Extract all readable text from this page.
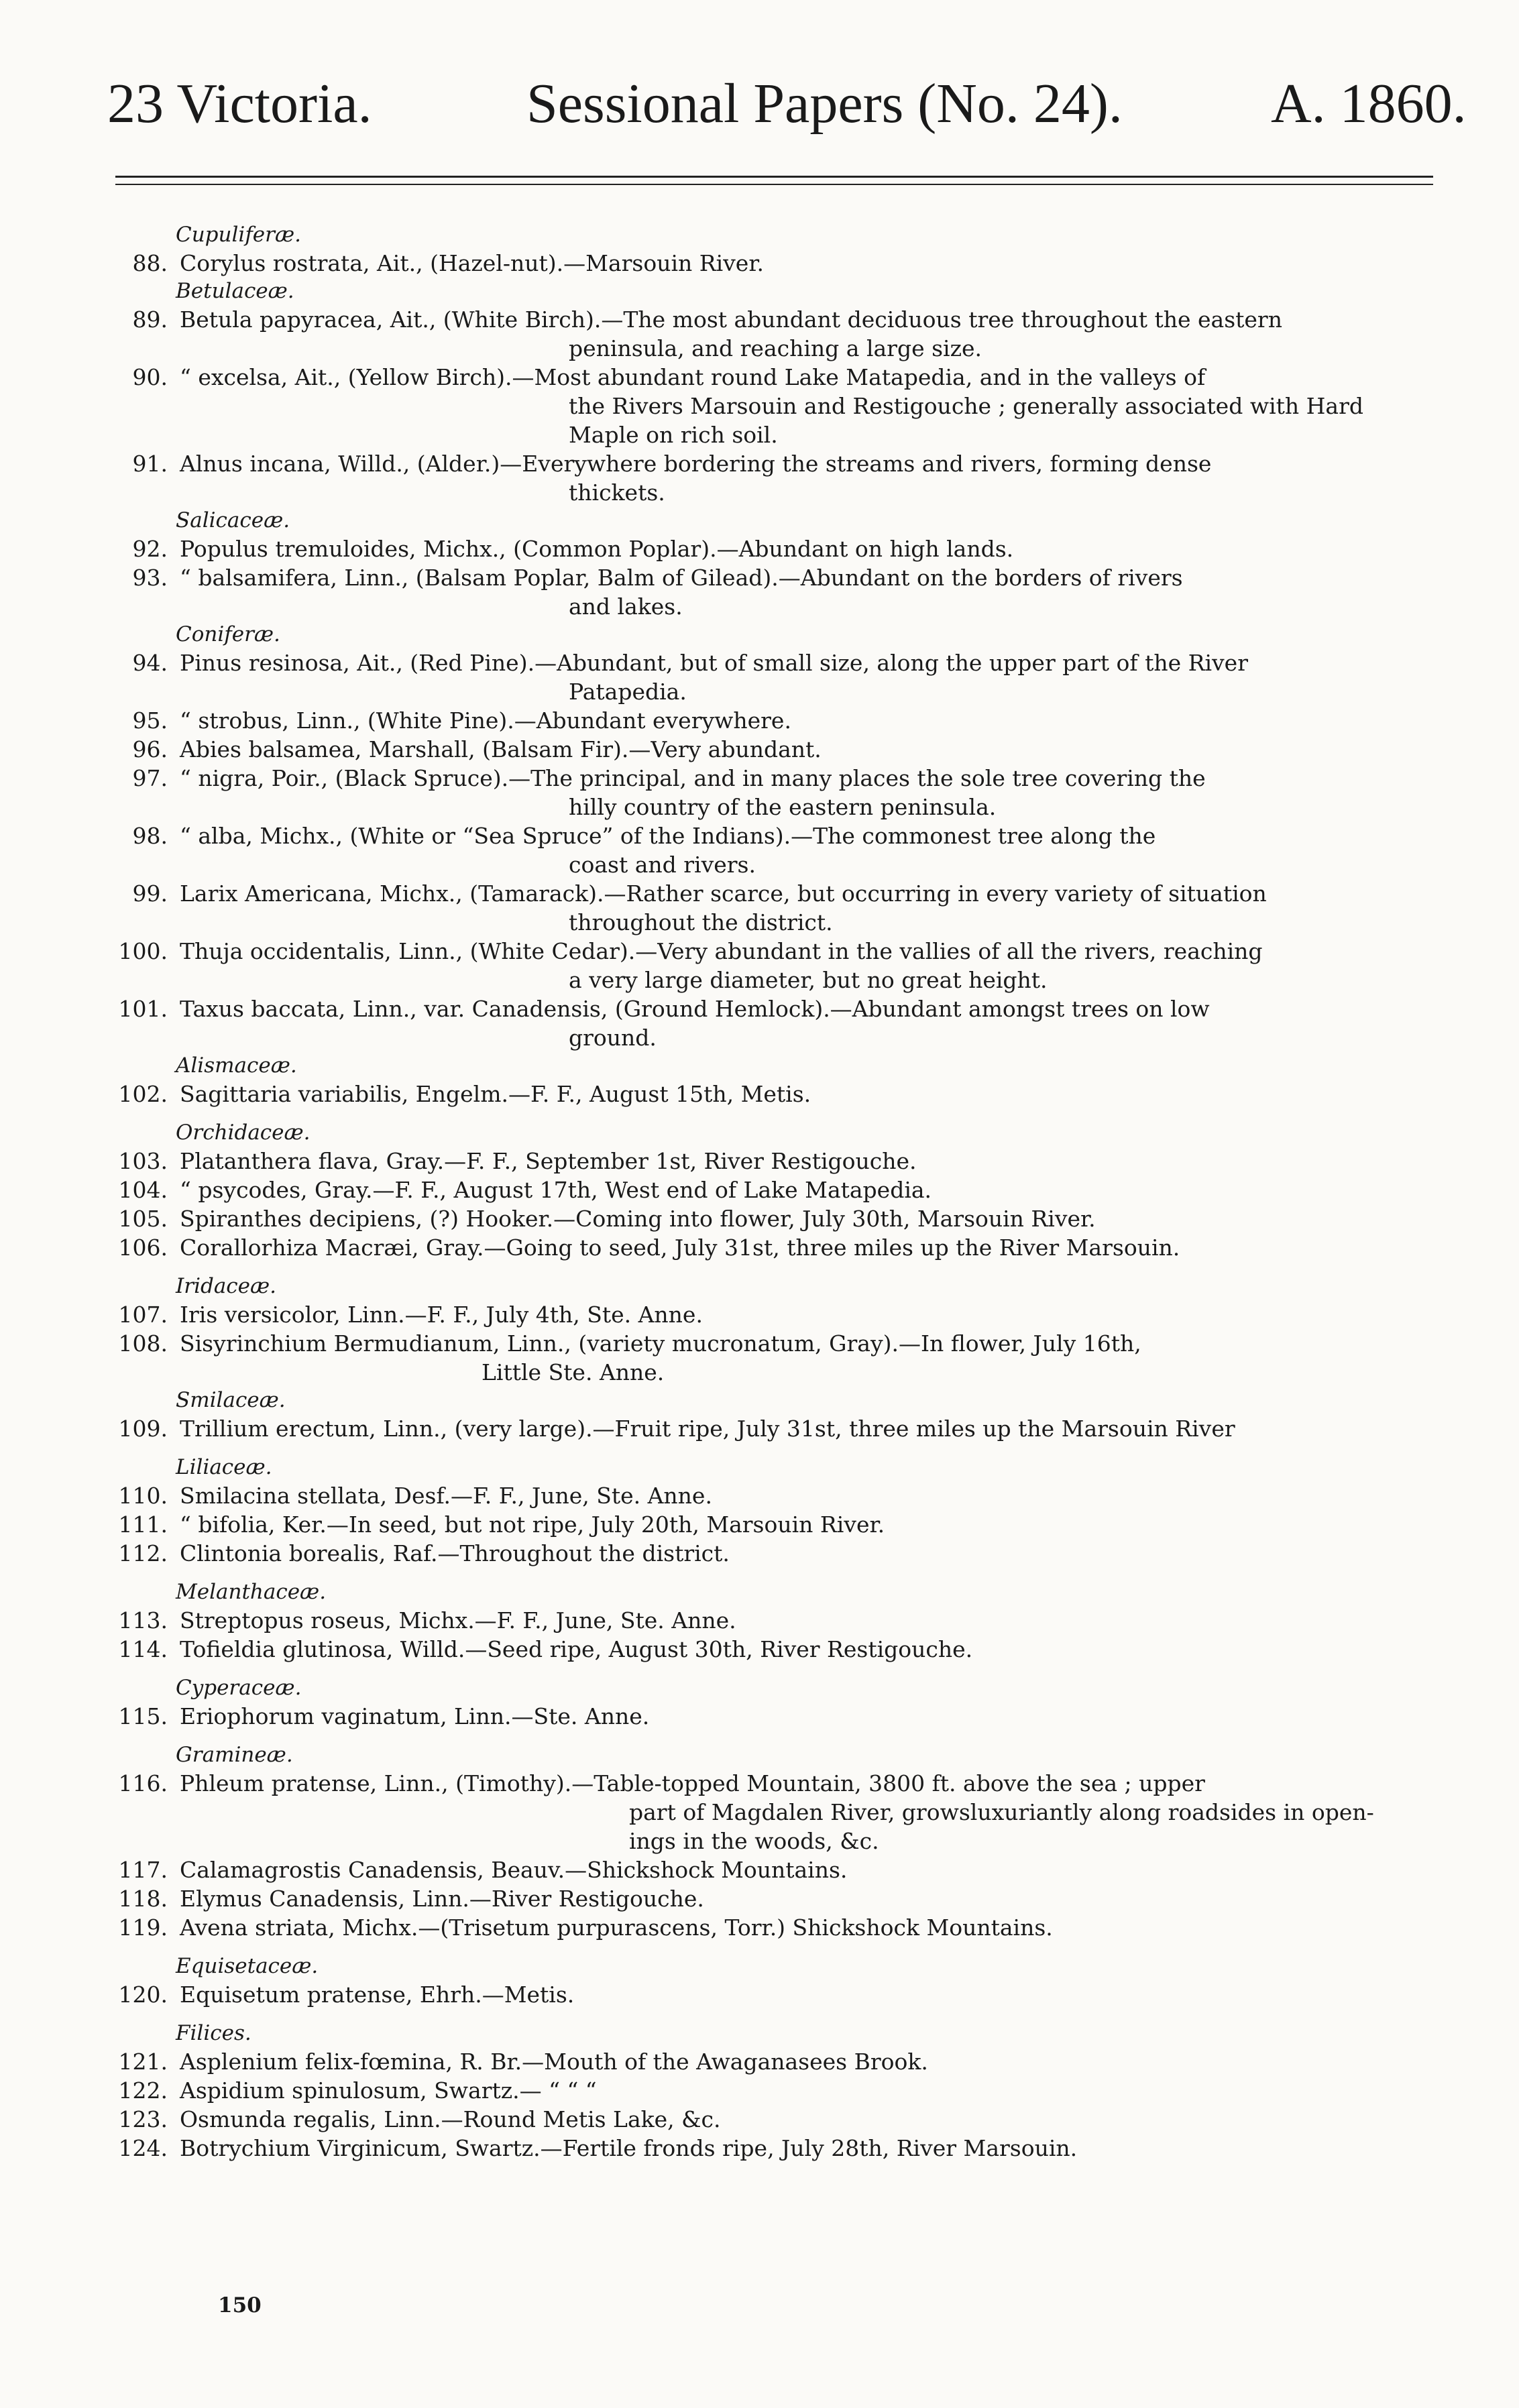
23 Victoria.	Sessional Papers (No. 24).	A. 1860.
Cupuliferæ.
88. Corylus rostrata, Ait., (Hazel-nut).—Marsouin River.
Betulaceæ.
89. Betula papyracea, Ait., (White Birch).—The most abundant deciduous tree throughout the eastern
peninsula, and reaching a large size.
90. “ excelsa, Ait., (Yellow Birch).—Most abundant round Lake Matapedia, and in the valleys of
the Rivers Marsouin and Restigouche ; generally associated with Hard
Maple on rich soil.
91. Alnus incana, Willd., (Alder.)—Everywhere bordering the streams and rivers, forming dense
thickets.
Salicaceæ.
92. Populus tremuloides, Michx., (Common Poplar).—Abundant on high lands.
93. “ balsamifera, Linn., (Balsam Poplar, Balm of Gilead).—Abundant on the borders of rivers
and lakes.
Coniferæ.
94. Pinus resinosa, Ait., (Red Pine).—Abundant, but of small size, along the upper part of the River
Patapedia.
95. “ strobus, Linn., (White Pine).—Abundant everywhere.
96. Abies balsamea, Marshall, (Balsam Fir).—Very abundant.
97. “ nigra, Poir., (Black Spruce).—The principal, and in many places the sole tree covering the
hilly country of the eastern peninsula.
98. “ alba, Michx., (White or “Sea Spruce” of the Indians).—The commonest tree along the
coast and rivers.
99. Larix Americana, Michx., (Tamarack).—Rather scarce, but occurring in every variety of situation
throughout the district.
100. Thuja occidentalis, Linn., (White Cedar).—Very abundant in the vallies of all the rivers, reaching
a very large diameter, but no great height.
101. Taxus baccata, Linn., var. Canadensis, (Ground Hemlock).—Abundant amongst trees on low
ground.
Alismaceæ.
102. Sagittaria variabilis, Engelm.—F. F., August 15th, Metis.
Orchidaceæ.
103. Platanthera flava, Gray.—F. F., September 1st, River Restigouche.
104. “ psycodes, Gray.—F. F., August 17th, West end of Lake Matapedia.
105. Spiranthes decipiens, (?) Hooker.—Coming into flower, July 30th, Marsouin River.
106. Corallorhiza Macræi, Gray.—Going to seed, July 31st, three miles up the River Marsouin.
Iridaceæ.
107. Iris versicolor, Linn.—F. F., July 4th, Ste. Anne.
108. Sisyrinchium Bermudianum, Linn., (variety mucronatum, Gray).—In flower, July 16th,
Little Ste. Anne.
Smilaceæ.
109. Trillium erectum, Linn., (very large).—Fruit ripe, July 31st, three miles up the Marsouin River
Liliaceæ.
110. Smilacina stellata, Desf.—F. F., June, Ste. Anne.
111. “ bifolia, Ker.—In seed, but not ripe, July 20th, Marsouin River.
112. Clintonia borealis, Raf.—Throughout the district.
Melanthaceæ.
113. Streptopus roseus, Michx.—F. F., June, Ste. Anne.
114. Tofieldia glutinosa, Willd.—Seed ripe, August 30th, River Restigouche.
Cyperaceæ.
115. Eriophorum vaginatum, Linn.—Ste. Anne.
Gramineæ.
116. Phleum pratense, Linn., (Timothy).—Table-topped Mountain, 3800 ft. above the sea ; upper
part of Magdalen River, growsluxuriantly along roadsides in open-
ings in the woods, &c.
117. Calamagrostis Canadensis, Beauv.—Shickshock Mountains.
118. Elymus Canadensis, Linn.—River Restigouche.
119. Avena striata, Michx.—(Trisetum purpurascens, Torr.) Shickshock Mountains.
Equisetaceæ.
120. Equisetum pratense, Ehrh.—Metis.
Filices.
121. Asplenium felix-fœmina, R. Br.—Mouth of the Awaganasees Brook.
122. Aspidium spinulosum, Swartz.— “ “ “
123. Osmunda regalis, Linn.—Round Metis Lake, &c.
124. Botrychium Virginicum, Swartz.—Fertile fronds ripe, July 28th, River Marsouin.
150
